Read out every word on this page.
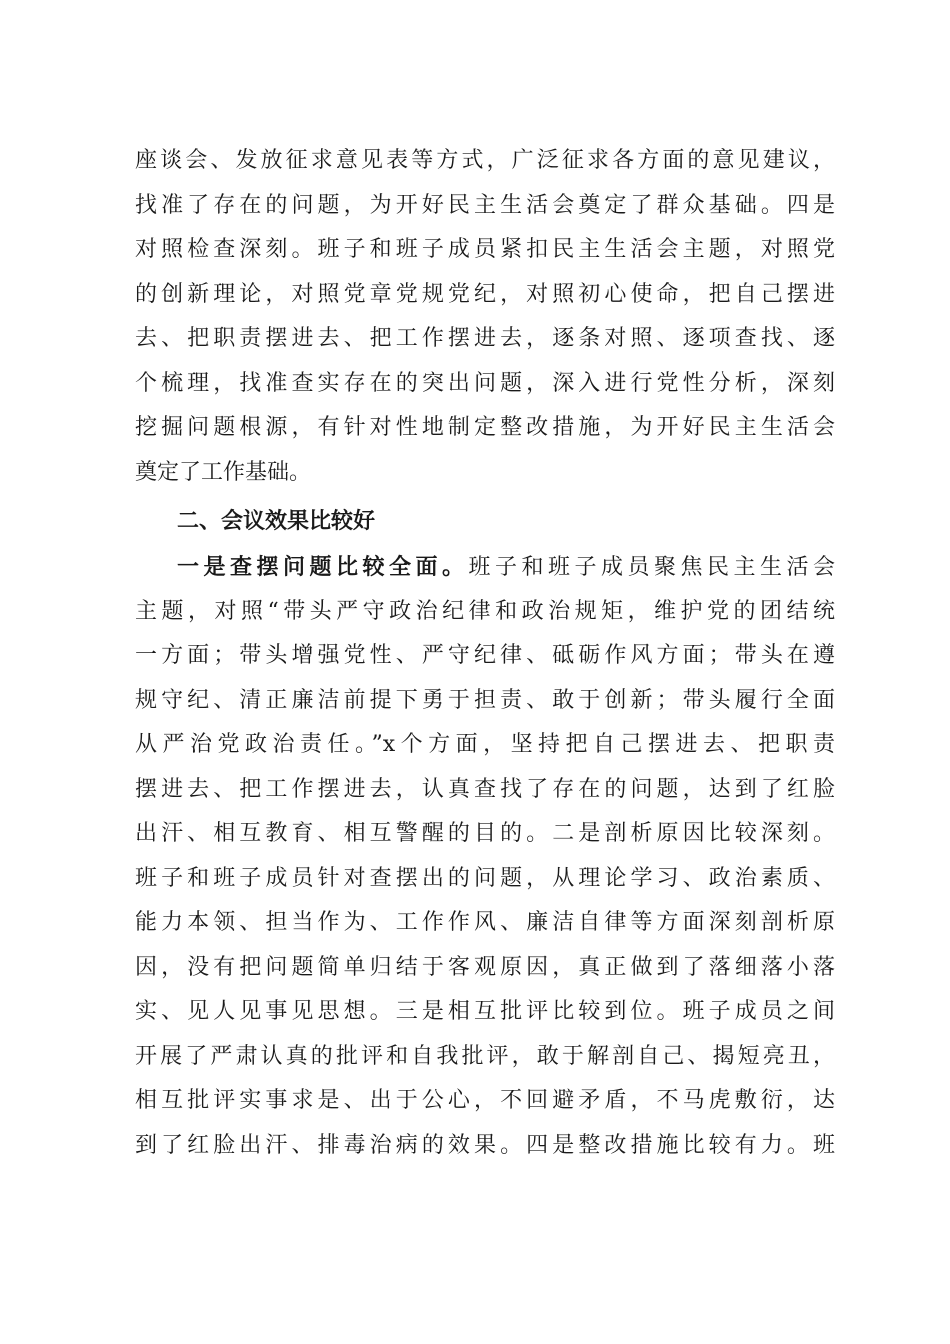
座谈会、发放征求意见表等方式，广泛征求各方面的意见建议，
找准了存在的问题，为开好民主生活会奠定了群众基础。四是
对照检查深刻。班子和班子成员紧扣民主生活会主题，对照党
的创新理论，对照党章党规党纪，对照初心使命，把自己摆进
去、把职责摆进去、把工作摆进去，逐条对照、逐项查找、逐
个梳理，找准查实存在的突出问题，深入进行党性分析，深刻
挖掘问题根源，有针对性地制定整改措施，为开好民主生活会
奠定了工作基础。
二、会议效果比较好
一是查摆问题比较全面。班子和班子成员聚焦民主生活会
主题，对照“带头严守政治纪律和政治规矩，维护党的团结统
一方面；带头增强党性、严守纪律、砥砺作风方面；带头在遵
规守纪、清正廉洁前提下勇于担责、敢于创新；带头履行全面
从严治党政治责任。”x个方面，坚持把自己摆进去、把职责
摆进去、把工作摆进去，认真查找了存在的问题，达到了红脸
出汗、相互教育、相互警醒的目的。二是剖析原因比较深刻。
班子和班子成员针对查摆出的问题，从理论学习、政治素质、
能力本领、担当作为、工作作风、廉洁自律等方面深刻剖析原
因，没有把问题简单归结于客观原因，真正做到了落细落小落
实、见人见事见思想。三是相互批评比较到位。班子成员之间
开展了严肃认真的批评和自我批评，敢于解剖自己、揭短亮丑，
相互批评实事求是、出于公心，不回避矛盾，不马虎敷衍，达
到了红脸出汗、排毒治病的效果。四是整改措施比较有力。班
